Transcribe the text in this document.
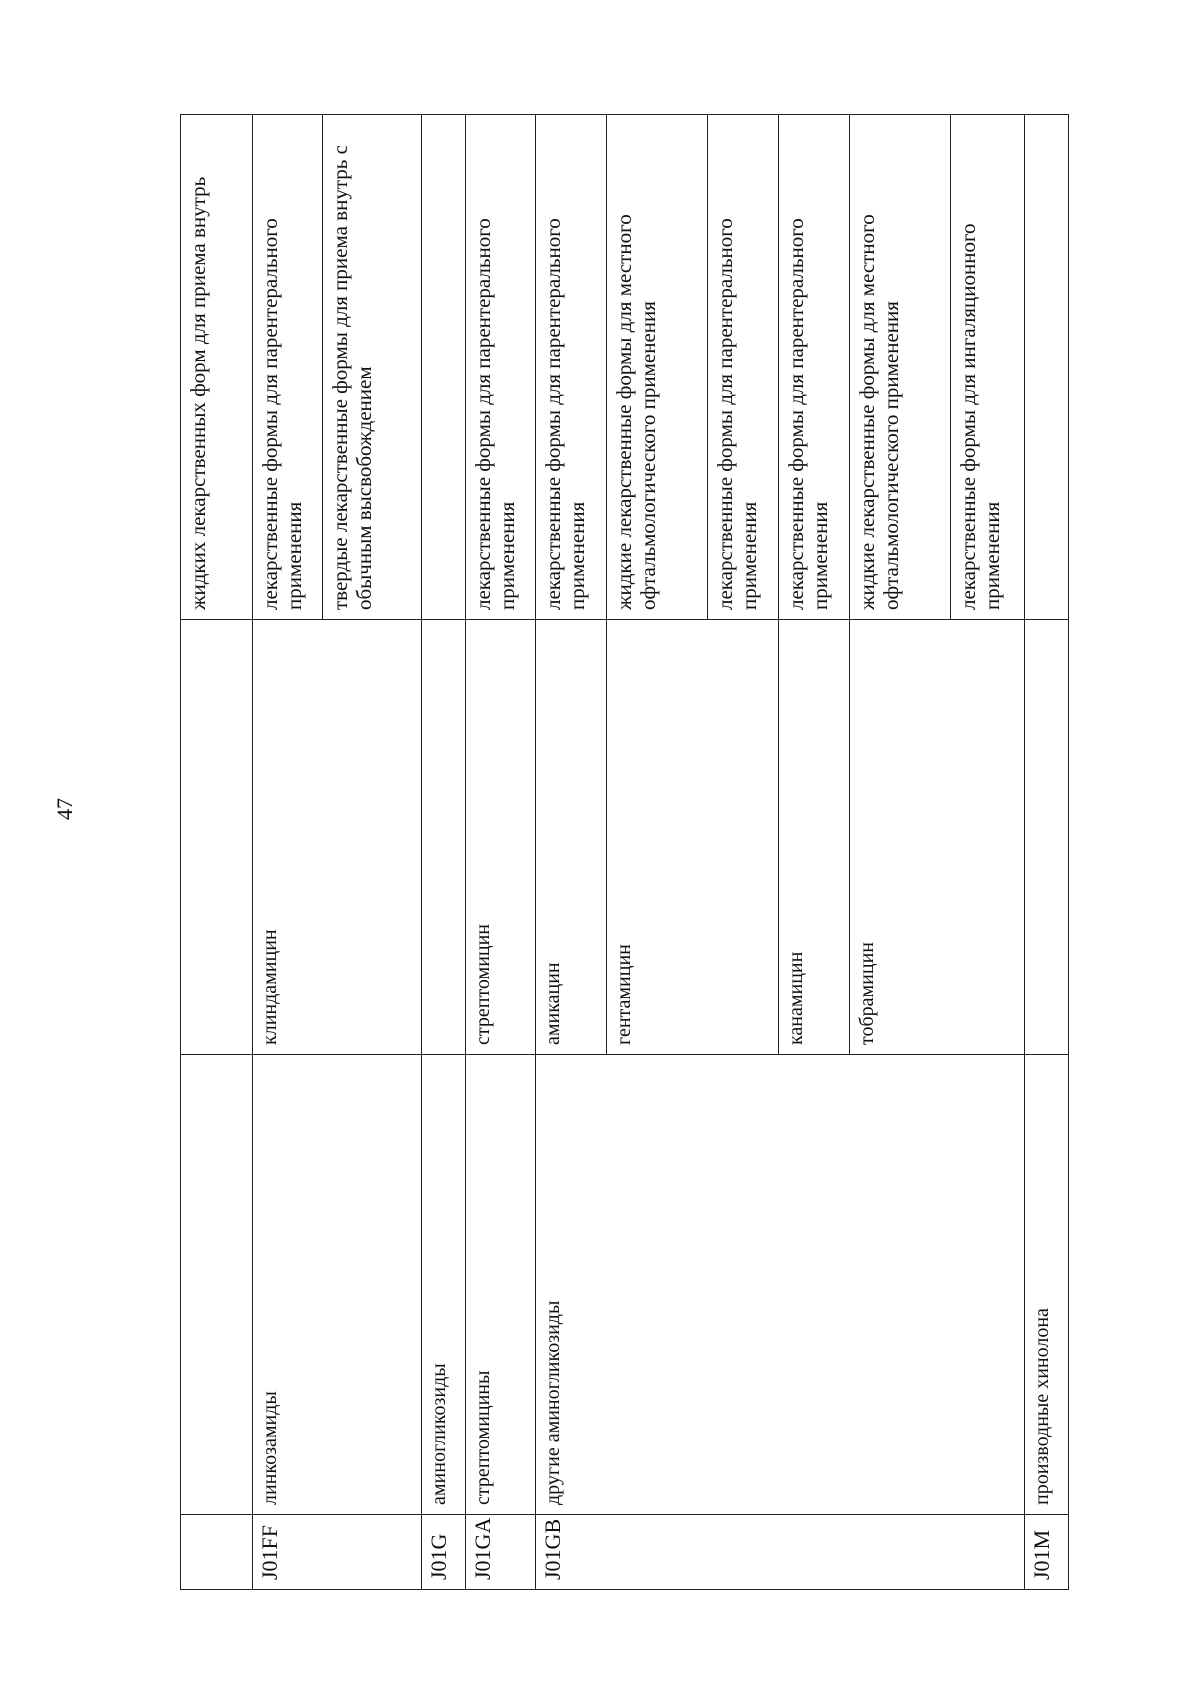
47
			жидких лекарственных форм для приема внутрь
J01FF	линкозамиды	клиндамицин	лекарственные формы для парентерального применения
			твердые лекарственные формы для приема внутрь с обычным высвобождением
J01G	аминогликозиды		
J01GA	стрептомицины	стрептомицин	лекарственные формы для парентерального применения
J01GB	другие аминогликозиды	амикацин	лекарственные формы для парентерального применения
		гентамицин	жидкие лекарственные формы для местного офтальмологического применения
			лекарственные формы для парентерального применения
		канамицин	лекарственные формы для парентерального применения
		тобрамицин	жидкие лекарственные формы для местного офтальмологического применения
			лекарственные формы для ингаляционного применения
J01M	производные хинолона		
